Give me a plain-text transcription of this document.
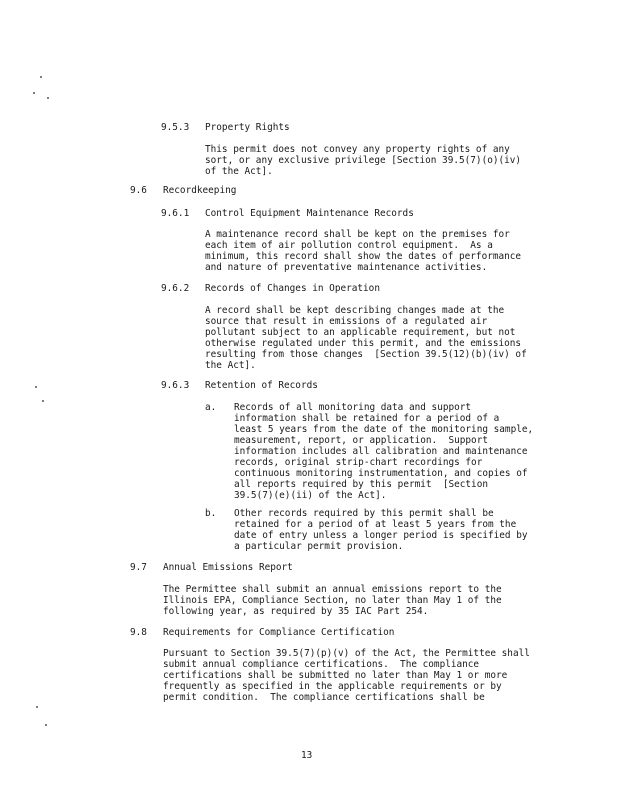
9.5.3 Property Rights

This permit does not convey any property rights of any
sort, or any exclusive privilege [Section 39.5(7)(o)(iv)
of the Act].

9.6 Recordkeeping
9.6.1 Control Equipment Maintenance Records

A maintenance record shall be kept on the premises for
each item of air pollution control equipment.  As a
minimum, this record shall show the dates of performance
and nature of preventative maintenance activities.

9.6.2 Records of Changes in Operation

A record shall be kept describing changes made at the
source that result in emissions of a regulated air
pollutant subject to an applicable requirement, but not
otherwise regulated under this permit, and the emissions
resulting from those changes  [Section 39.5(12)(b)(iv) of
the Act].

9.6.3 Retention of Records
a. Records of all monitoring data and support
information shall be retained for a period of a
least 5 years from the date of the monitoring sample,
measurement, report, or application.  Support
information includes all calibration and maintenance
records, original strip-chart recordings for
continuous monitoring instrumentation, and copies of
all reports required by this permit  [Section
39.5(7)(e)(ii) of the Act].

b. Other records required by this permit shall be
retained for a period of at least 5 years from the
date of entry unless a longer period is specified by
a particular permit provision.

9.7 Annual Emissions Report

The Permittee shall submit an annual emissions report to the
Illinois EPA, Compliance Section, no later than May 1 of the
following year, as required by 35 IAC Part 254.

9.8 Requirements for Compliance Certification

Pursuant to Section 39.5(7)(p)(v) of the Act, the Permittee shall
submit annual compliance certifications.  The compliance
certifications shall be submitted no later than May 1 or more
frequently as specified in the applicable requirements or by
permit condition.  The compliance certifications shall be

13
